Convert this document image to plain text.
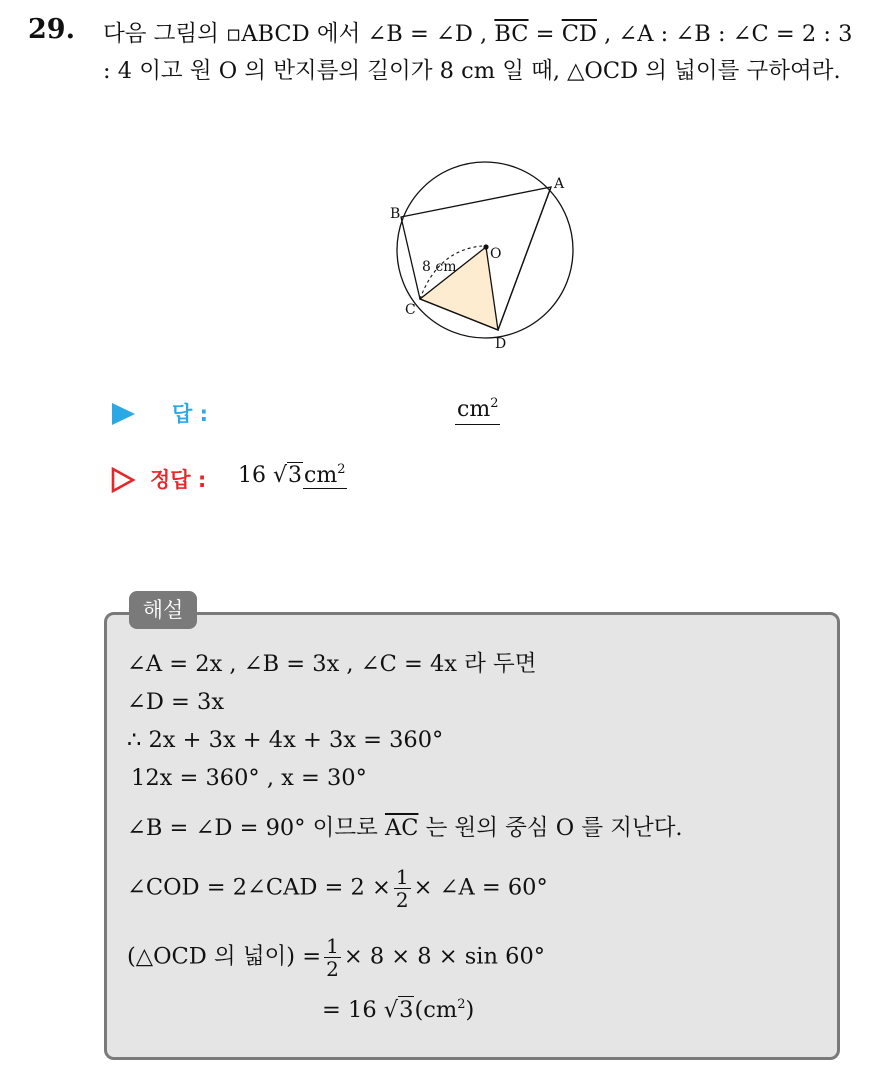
29. 다음 그림의 ▫ABCD 에서 ∠B = ∠D , $\overline{BC} = \overline{CD}$ , ∠A : ∠B : ∠C = 2 : 3 : 4 이고 원 O 의 반지름의 길이가 8 cm 일 때, △OCD 의 넓이를 구하여라.
A
B
C
D
O
8 cm
답 :	$cm^2$
정답 : 16 $√3cm^2$
해설
∠A = 2x , ∠B = 3x , ∠C = 4x 라 두면
∠D = 3x
∴ 2x + 3x + 4x + 3x = 360°
12x = 360° , x = 30°
∠B = ∠D = 90° 이므로 $\overline{AC}$ 는 원의 중심 O 를 지난다.
∠COD = 2∠CAD = $2 \times \frac{1}{2}$ × ∠A = 60°
(△OCD 의 넓이) = $\frac{1}{2} \times 8 \times 8 \times \sin 60^\circ$
= 16 $√3(cm^2)$
